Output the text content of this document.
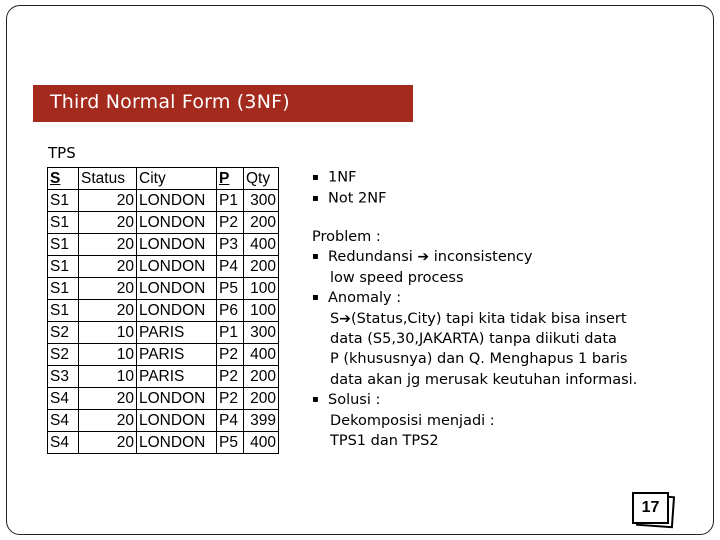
Third Normal Form (3NF)
TPS
S	Status	City	P	Qty
S1	20	LONDON	P1	300
S1	20	LONDON	P2	200
S1	20	LONDON	P3	400
S1	20	LONDON	P4	200
S1	20	LONDON	P5	100
S1	20	LONDON	P6	100
S2	10	PARIS	P1	300
S2	10	PARIS	P2	400
S3	10	PARIS	P2	200
S4	20	LONDON	P2	200
S4	20	LONDON	P4	399
S4	20	LONDON	P5	400
▪ 1NF
▪ Not 2NF
Problem :
▪ Redundansi ➔ inconsistency
low speed process
▪ Anomaly :
S➔(Status,City) tapi kita tidak bisa insert
data (S5,30,JAKARTA) tanpa diikuti data
P (khususnya) dan Q. Menghapus 1 baris
data akan jg merusak keutuhan informasi.
▪ Solusi :
Dekomposisi menjadi :
TPS1 dan TPS2
17
